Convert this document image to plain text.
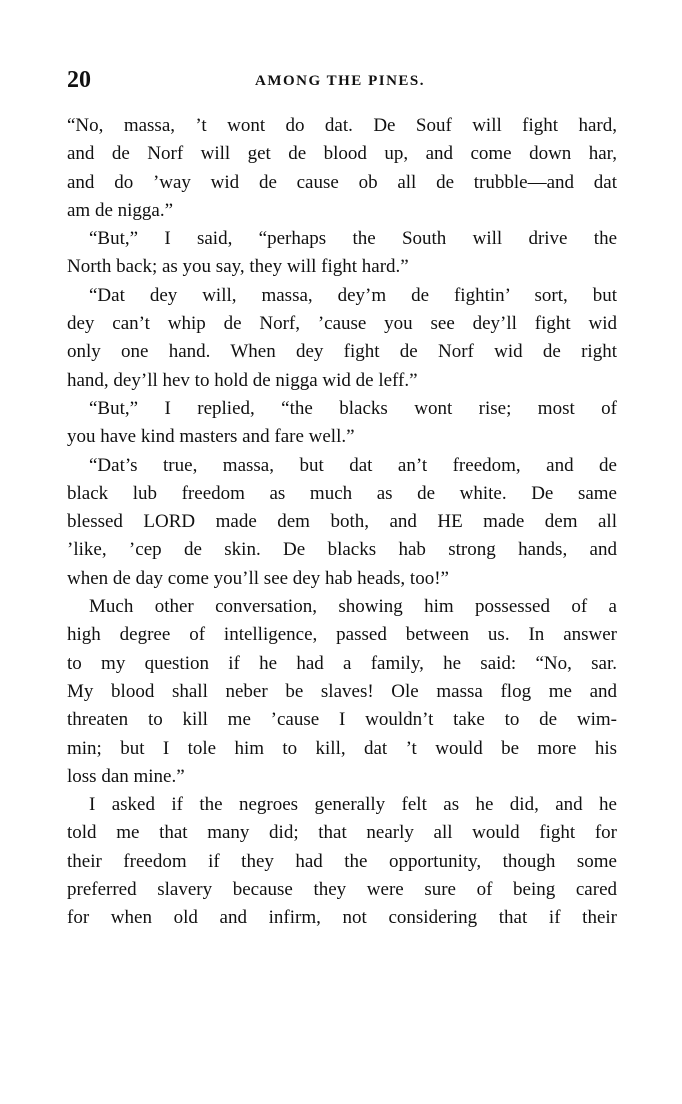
20	AMONG THE PINES.
“No, massa, ’t wont do dat. De Souf will fight hard,
and de Norf will get de blood up, and come down har,
and do ’way wid de cause ob all de trubble—and dat
am de nigga.”
“But,” I said, “perhaps the South will drive the
North back; as you say, they will fight hard.”
“Dat dey will, massa, dey’m de fightin’ sort, but
dey can’t whip de Norf, ’cause you see dey’ll fight wid
only one hand. When dey fight de Norf wid de right
hand, dey’ll hev to hold de nigga wid de leff.”
“But,” I replied, “the blacks wont rise; most of
you have kind masters and fare well.”
“Dat’s true, massa, but dat an’t freedom, and de
black lub freedom as much as de white. De same
blessed LORD made dem both, and HE made dem all
’like, ’cep de skin. De blacks hab strong hands, and
when de day come you’ll see dey hab heads, too!”
Much other conversation, showing him possessed of a
high degree of intelligence, passed between us. In answer
to my question if he had a family, he said: “No, sar.
My blood shall neber be slaves! Ole massa flog me and
threaten to kill me ’cause I wouldn’t take to de wim-
min; but I tole him to kill, dat ’t would be more his
loss dan mine.”
I asked if the negroes generally felt as he did, and he
told me that many did; that nearly all would fight for
their freedom if they had the opportunity, though some
preferred slavery because they were sure of being cared
for when old and infirm, not considering that if their
